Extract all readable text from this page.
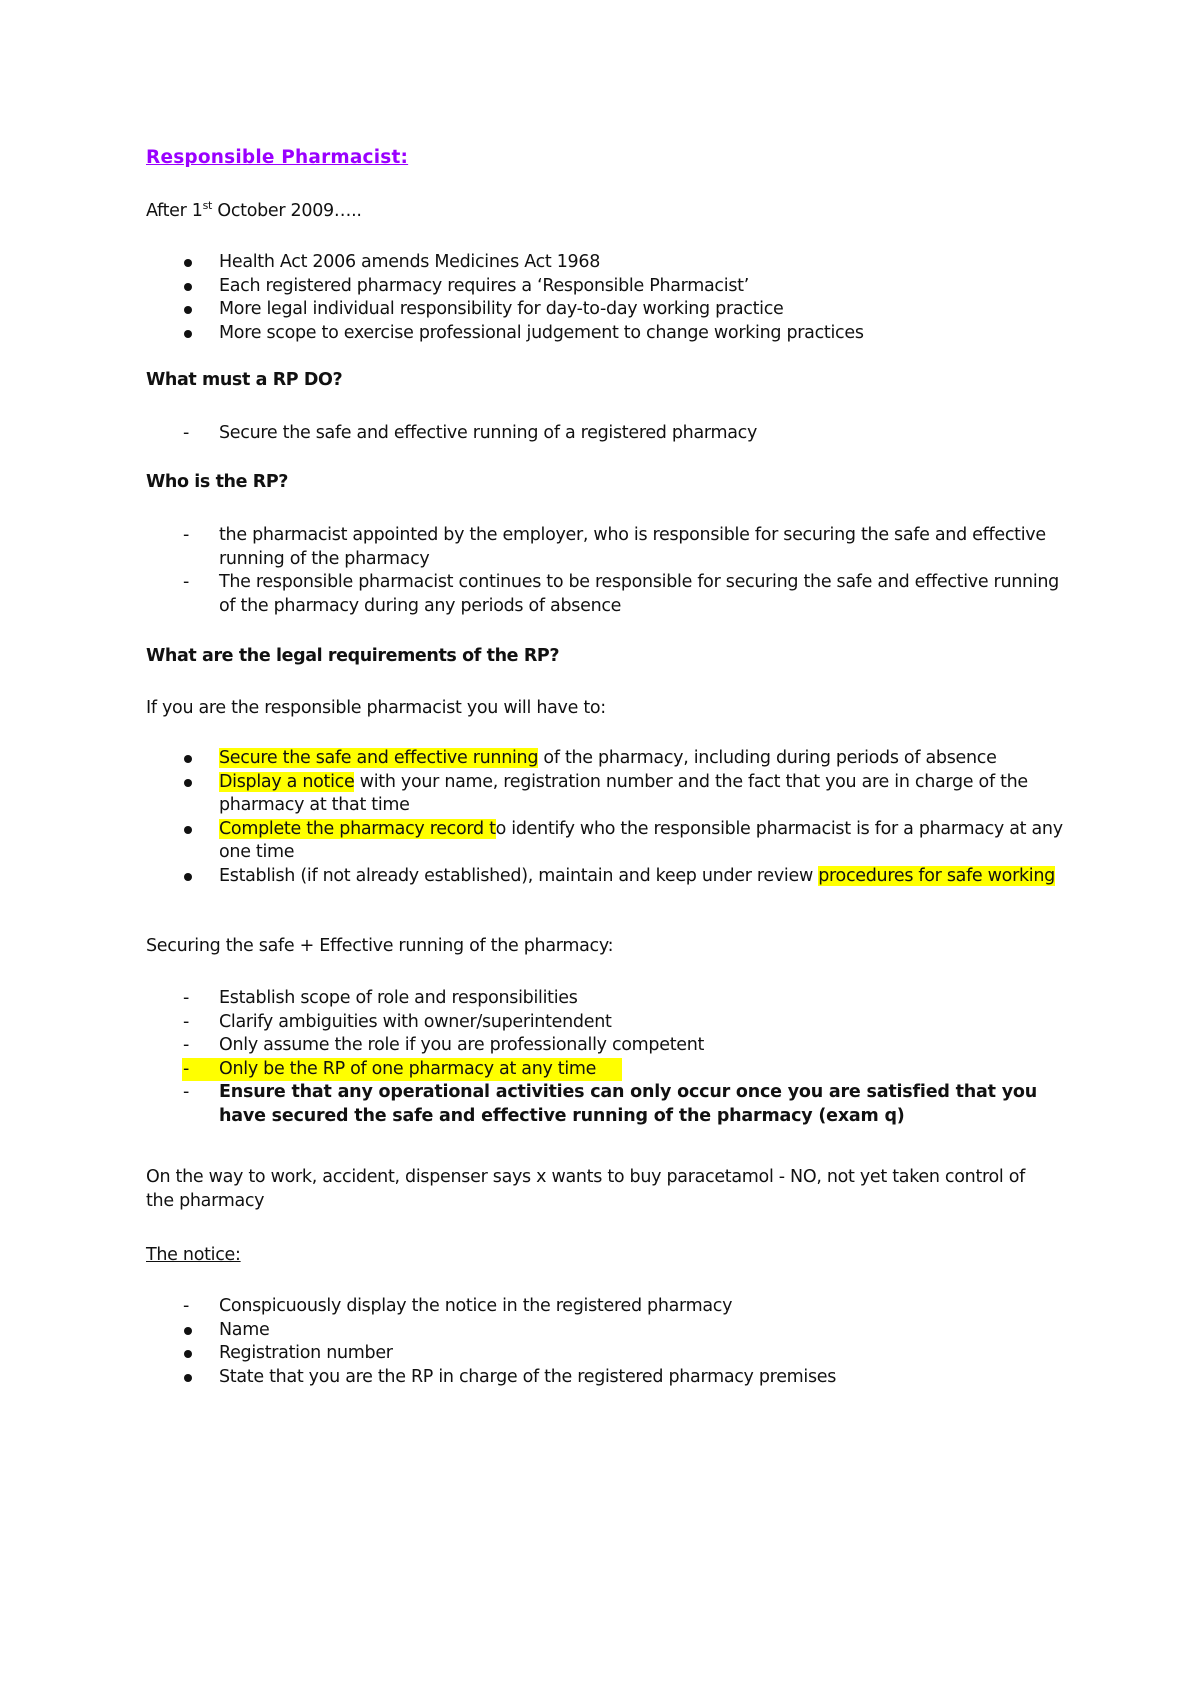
Responsible Pharmacist:
After 1st October 2009…..
Health Act 2006 amends Medicines Act 1968
Each registered pharmacy requires a ‘Responsible Pharmacist’
More legal individual responsibility for day-to-day working practice
More scope to exercise professional judgement to change working practices
What must a RP DO?
-	Secure the safe and effective running of a registered pharmacy
Who is the RP?
-	the pharmacist appointed by the employer, who is responsible for securing the safe and effective running of the pharmacy
-	The responsible pharmacist continues to be responsible for securing the safe and effective running of the pharmacy during any periods of absence
What are the legal requirements of the RP?
If you are the responsible pharmacist you will have to:
Secure the safe and effective running of the pharmacy, including during periods of absence
Display a notice with your name, registration number and the fact that you are in charge of the pharmacy at that time
Complete the pharmacy record to identify who the responsible pharmacist is for a pharmacy at any one time
Establish (if not already established), maintain and keep under review procedures for safe working
Securing the safe + Effective running of the pharmacy:
-	Establish scope of role and responsibilities
-	Clarify ambiguities with owner/superintendent
-	Only assume the role if you are professionally competent
-	Only be the RP of one pharmacy at any time
-	Ensure that any operational activities can only occur once you are satisfied that you have secured the safe and effective running of the pharmacy (exam q)
On the way to work, accident, dispenser says x wants to buy paracetamol - NO, not yet taken control of the pharmacy
The notice:
-	Conspicuously display the notice in the registered pharmacy
Name
Registration number
State that you are the RP in charge of the registered pharmacy premises
